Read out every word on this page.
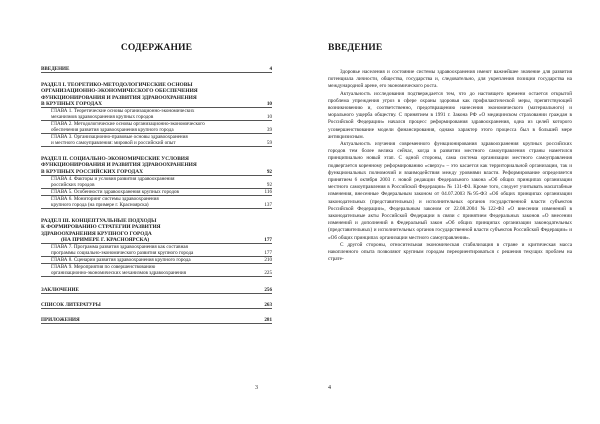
СОДЕРЖАНИЕ
ВВЕДЕНИЕ	4
РАЗДЕЛ I. ТЕОРЕТИКО-МЕТОДОЛОГИЧЕСКИЕ ОСНОВЫ
ОРГАНИЗАЦИОННО-ЭКОНОМИЧЕСКОГО ОБЕСПЕЧЕНИЯ
ФУНКЦИОНИРОВАНИЯ И РАЗВИТИЯ ЗДРАВООХРАНЕНИЯ
В КРУПНЫХ ГОРОДАХ	10
ГЛАВА 1. Теоретические основы организационно-экономических
механизмов здравоохранения крупных городов	10
ГЛАВА 2. Методологические основы организационно-экономического
обеспечения развития здравоохранения крупного города	39
ГЛАВА 3. Организационно-правовые основы здравоохранения
и местного самоуправления: мировой и российский опыт	59
РАЗДЕЛ II. СОЦИАЛЬНО-ЭКОНОМИЧЕСКИЕ УСЛОВИЯ
ФУНКЦИОНИРОВАНИЯ И РАЗВИТИЯ ЗДРАВООХРАНЕНИЯ
В КРУПНЫХ РОССИЙСКИХ ГОРОДАХ	92
ГЛАВА 4. Факторы и условия развития здравоохранения
российских городов	92
ГЛАВА 5. Особенности здравоохранения крупных городов	116
ГЛАВА 6. Мониторинг системы здравоохранения
крупного города (на примере г. Красноярска)	137
РАЗДЕЛ III. КОНЦЕПТУАЛЬНЫЕ ПОДХОДЫ
К ФОРМИРОВАНИЮ СТРАТЕГИИ РАЗВИТИЯ
ЗДРАВООХРАНЕНИЯ КРУПНОГО ГОРОДА
(НА ПРИМЕРЕ Г. КРАСНОЯРСКА)	177
ГЛАВА 7. Программа развития здравоохранения как составная
программы социально-экономического развития крупного города	177
ГЛАВА 8. Сценарии развития здравоохранения крупного города	210
ГЛАВА 9. Мероприятия по совершенствованию
организационно-экономических механизмов здравоохранения	225
ЗАКЛЮЧЕНИЕ	256
СПИСОК ЛИТЕРАТУРЫ	263
ПРИЛОЖЕНИЯ	281
3
ВВЕДЕНИЕ

Здоровье населения и состояние системы здравоохранения имеют важнейшее значение для развития потенциала личности, общества, государства и, следовательно, для укрепления позиции государства на международной арене, его экономического роста.

Актуальность исследования подтверждается тем, что до настоящего времени остается открытой проблема упреждения угроз в сфере охраны здоровья как профилактической меры, препятствующей возникновению и, соответственно, предотвращению нанесения экономического (материального) и морального ущерба обществу. С принятием в 1991 г. Закона РФ «О медицинском страховании граждан в Российской Федерации» начался процесс реформирования здравоохранения, одна из целей которого усовершенствование модели финансирования, однако характер этого процесса был в большей мере антикризисным.

Актуальность изучения современного функционирования здравоохранения крупных российских городов тем более велика сейчас, когда в развитии местного самоуправления страны наметился принципиально новый этап. С одной стороны, сама система организации местного самоуправления подвергается коренному реформированию «сверху» – это касается как территориальной организации, так и функциональных полномочий и взаимодействия между уровнями власти. Реформирование определяется принятием 6 октября 2003 г. новой редакции Федерального закона «Об общих принципах организации местного самоуправления в Российской Федерации» № 131-ФЗ. Кроме того, следует учитывать масштабные изменения, внесенные Федеральным законом от 04.07.2003 №95-ФЗ «Об общих принципах организации законодательных (представительных) и исполнительных органов государственной власти субъектов Российской Федерации», Федеральным законом от 22.08.2004 №122-ФЗ «О внесении изменений в законодательные акты Российской Федерации в связи с принятием Федеральных законов «О внесении изменений и дополнений в Федеральный закон «Об общих принципах организации законодательных (представительных) и исполнительных органов государственной власти субъектов Российской Федерации» и «Об общих принципах организации местного самоуправления».

С другой стороны, относительная экономическая стабилизация в стране и критическая масса накопленного опыта позволяют крупным городам переориентироваться с решения текущих проблем на страте-

4
